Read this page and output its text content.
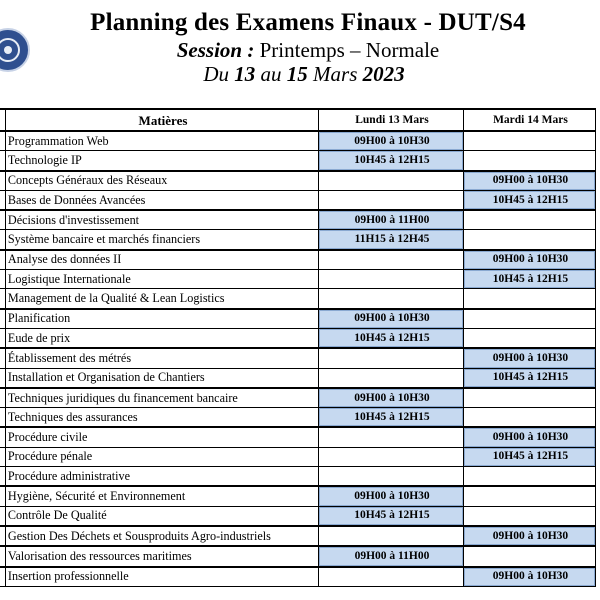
Planning des Examens Finaux - DUT/S4
Session : Printemps – Normale
Du 13 au 15 Mars 2023
	Matières	Lundi 13 Mars	Mardi 14 Mars
	Programmation Web	09H00 à 10H30	
	Technologie IP	10H45 à 12H15	
	Concepts Généraux des Réseaux		09H00 à 10H30
	Bases de Données Avancées		10H45 à 12H15
	Décisions d'investissement	09H00 à 11H00	
	Système bancaire et marchés financiers	11H15 à 12H45	
	Analyse des données II		09H00 à 10H30
	Logistique Internationale		10H45 à 12H15
	Management de la Qualité & Lean Logistics		
	Planification	09H00 à 10H30	
	Eude de prix	10H45 à 12H15	
	Établissement des métrés		09H00 à 10H30
	Installation et Organisation de Chantiers		10H45 à 12H15
	Techniques juridiques du financement bancaire	09H00 à 10H30	
	Techniques des assurances	10H45 à 12H15	
	Procédure civile		09H00 à 10H30
	Procédure pénale		10H45 à 12H15
	Procédure administrative		
	Hygiène, Sécurité et Environnement	09H00 à 10H30	
	Contrôle De Qualité	10H45 à 12H15	
	Gestion Des Déchets et Sousproduits Agro-industriels		09H00 à 10H30
	Valorisation des ressources maritimes	09H00 à 11H00	
	Insertion professionnelle		09H00 à 10H30
